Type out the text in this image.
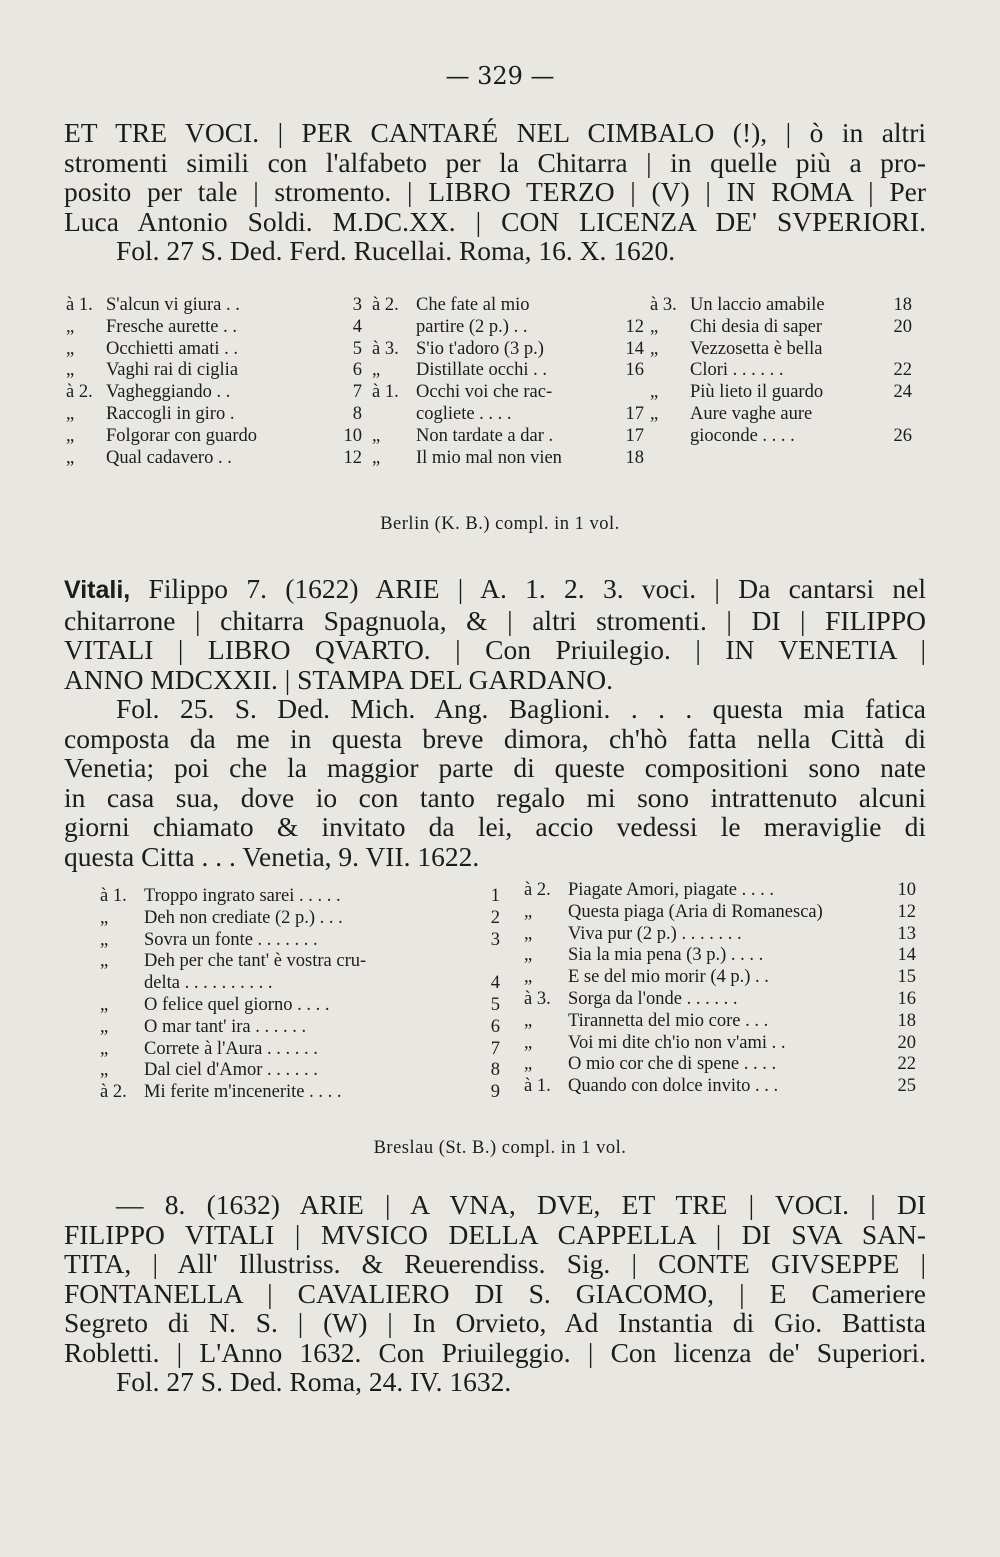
— 329 —
ET TRE VOCI. | PER CANTARÉ NEL CIMBALO (!), | ò in altri
stromenti simili con l'alfabeto per la Chitarra | in quelle più a pro-
posito per tale | stromento. | LIBRO TERZO | (V) | IN ROMA | Per
Luca Antonio Soldi. M.DC.XX. | CON LICENZA DE' SVPERIORI.
Fol. 27 S. Ded. Ferd. Rucellai. Roma, 16. X. 1620.
à 1. S'alcun vi giura . .	3
„ Fresche aurette . .	4
„ Occhietti amati . .	5
„ Vaghi rai di ciglia	6
à 2. Vagheggiando . .	7
„ Raccogli in giro .	8
„ Folgorar con guardo	10
„ Qual cadavero . .	12
à 2. Che fate al mio
partire (2 p.) . .	12
à 3. S'io t'adoro (3 p.)	14
„ Distillate occhi . .	16
à 1. Occhi voi che rac-
cogliete . . . .	17
„ Non tardate a dar .	17
„ Il mio mal non vien	18
à 3. Un laccio amabile	18
„ Chi desia di saper	20
„ Vezzosetta è bella
Clori . . . . . .	22
„ Più lieto il guardo	24
„ Aure vaghe aure
gioconde . . . .	26
Berlin (K. B.) compl. in 1 vol.
Vitali, Filippo 7. (1622) ARIE | A. 1. 2. 3. voci. | Da cantarsi nel
chitarrone | chitarra Spagnuola, & | altri stromenti. | DI | FILIPPO
VITALI | LIBRO QVARTO. | Con Priuilegio. | IN VENETIA |
ANNO MDCXXII. | STAMPA DEL GARDANO.
Fol. 25. S. Ded. Mich. Ang. Baglioni. . . . questa mia fatica
composta da me in questa breve dimora, ch'hò fatta nella Città di
Venetia; poi che la maggior parte di queste compositioni sono nate
in casa sua, dove io con tanto regalo mi sono intrattenuto alcuni
giorni chiamato & invitato da lei, accio vedessi le meraviglie di
questa Citta . . . Venetia, 9. VII. 1622.
à 1. Troppo ingrato sarei . . . . .	1
„ Deh non crediate (2 p.) . . .	2
„ Sovra un fonte . . . . . . .	3
„ Deh per che tant' è vostra cru-
delta . . . . . . . . . .	4
„ O felice quel giorno . . . .	5
„ O mar tant' ira . . . . . .	6
„ Correte à l'Aura . . . . . .	7
„ Dal ciel d'Amor . . . . . .	8
à 2. Mi ferite m'incenerite . . . .	9
à 2. Piagate Amori, piagate . . . .	10
„ Questa piaga (Aria di Romanesca)	12
„ Viva pur (2 p.) . . . . . . .	13
„ Sia la mia pena (3 p.) . . . .	14
„ E se del mio morir (4 p.) . .	15
à 3. Sorga da l'onde . . . . . .	16
„ Tirannetta del mio core . . .	18
„ Voi mi dite ch'io non v'ami . .	20
„ O mio cor che di spene . . . .	22
à 1. Quando con dolce invito . . .	25
Breslau (St. B.) compl. in 1 vol.
— 8. (1632) ARIE | A VNA, DVE, ET TRE | VOCI. | DI
FILIPPO VITALI | MVSICO DELLA CAPPELLA | DI SVA SAN-
TITA, | All' Illustriss. & Reuerendiss. Sig. | CONTE GIVSEPPE |
FONTANELLA | CAVALIERO DI S. GIACOMO, | E Cameriere
Segreto di N. S. | (W) | In Orvieto, Ad Instantia di Gio. Battista
Robletti. | L'Anno 1632. Con Priuileggio. | Con licenza de' Superiori.
Fol. 27 S. Ded. Roma, 24. IV. 1632.
